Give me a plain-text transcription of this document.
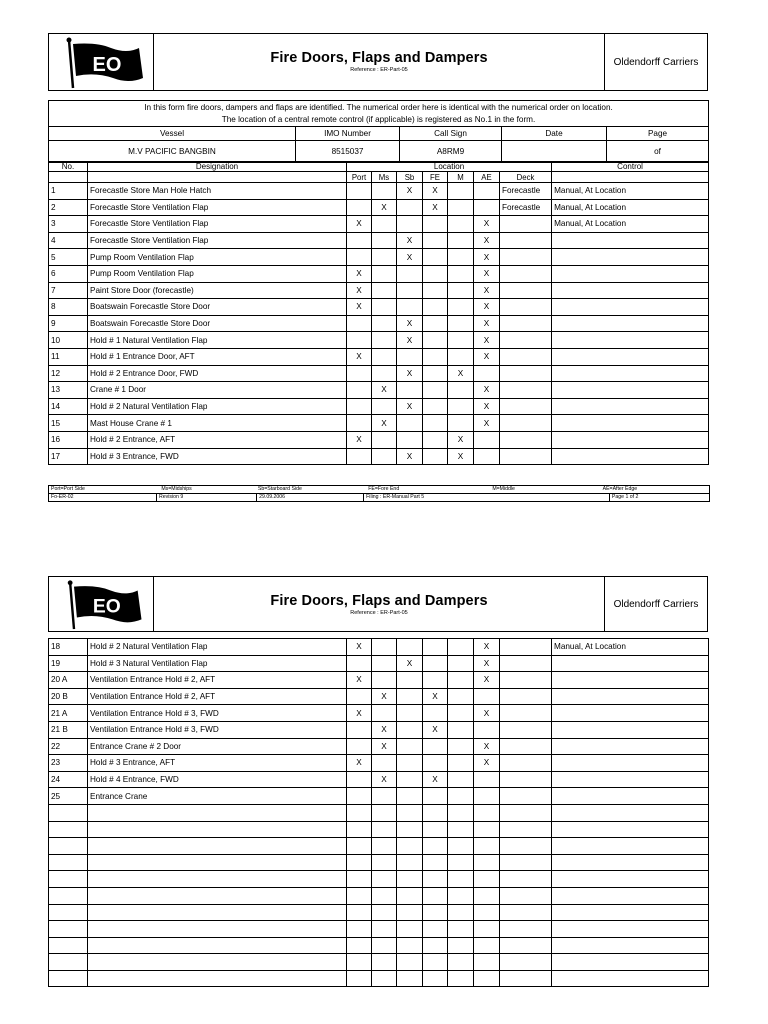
EO	Fire Doors, Flaps and Dampers
Reference : ER-Part-05
Oldendorff Carriers
In this form fire doors, dampers and flaps are identified. The numerical order here is identical with the numerical order on location.
The location of a central remote control (if applicable) is registered as No.1 in the form.				
Vessel	IMO Number	Call Sign	Date	Page
M.V PACIFIC BANGBIN	8515037	A8RM9		of
No.	Designation	Location							Control
		Port	Ms	Sb	FE	M	AE	Deck	
1	Forecastle Store Man Hole Hatch			X	X			Forecastle	Manual, At Location
2	Forecastle Store Ventilation Flap		X		X			Forecastle	Manual, At Location
3	Forecastle Store Ventilation Flap	X					X		Manual, At Location
4	Forecastle Store Ventilation Flap			X			X		
5	Pump Room Ventilation Flap			X			X		
6	Pump Room Ventilation Flap	X					X		
7	Paint Store Door (forecastle)	X					X		
8	Boatswain Forecastle Store Door	X					X		
9	Boatswain Forecastle Store Door			X			X		
10	Hold # 1 Natural Ventilation Flap			X			X		
11	Hold # 1 Entrance Door, AFT	X					X		
12	Hold # 2 Entrance Door, FWD			X		X			
13	Crane # 1 Door		X				X		
14	Hold # 2 Natural Ventilation Flap			X			X		
15	Mast House Crane # 1		X				X		
16	Hold # 2 Entrance, AFT	X				X			
17	Hold # 3 Entrance, FWD			X		X			
Port=Port Side	Ms=Midships	Sb=Starboard Side	FE=Fore End	M=Middle	AE=After Edge
Fo-ER-02	Revision 9	29.09.2006	Filing : ER-Manual Part 5	Page 1 of 2
EO	Fire Doors, Flaps and Dampers
Reference : ER-Part-05
Oldendorff Carriers
18	Hold # 2 Natural Ventilation Flap	X					X		Manual, At Location
19	Hold # 3 Natural Ventilation Flap			X			X		
20 A	Ventilation Entrance Hold # 2, AFT	X					X		
20 B	Ventilation Entrance Hold # 2, AFT		X		X				
21 A	Ventilation Entrance Hold # 3, FWD	X					X		
21 B	Ventilation Entrance Hold # 3, FWD		X		X				
22	Entrance Crane # 2 Door		X				X		
23	Hold # 3 Entrance, AFT	X					X		
24	Hold # 4 Entrance, FWD		X		X				
25	Entrance Crane								
